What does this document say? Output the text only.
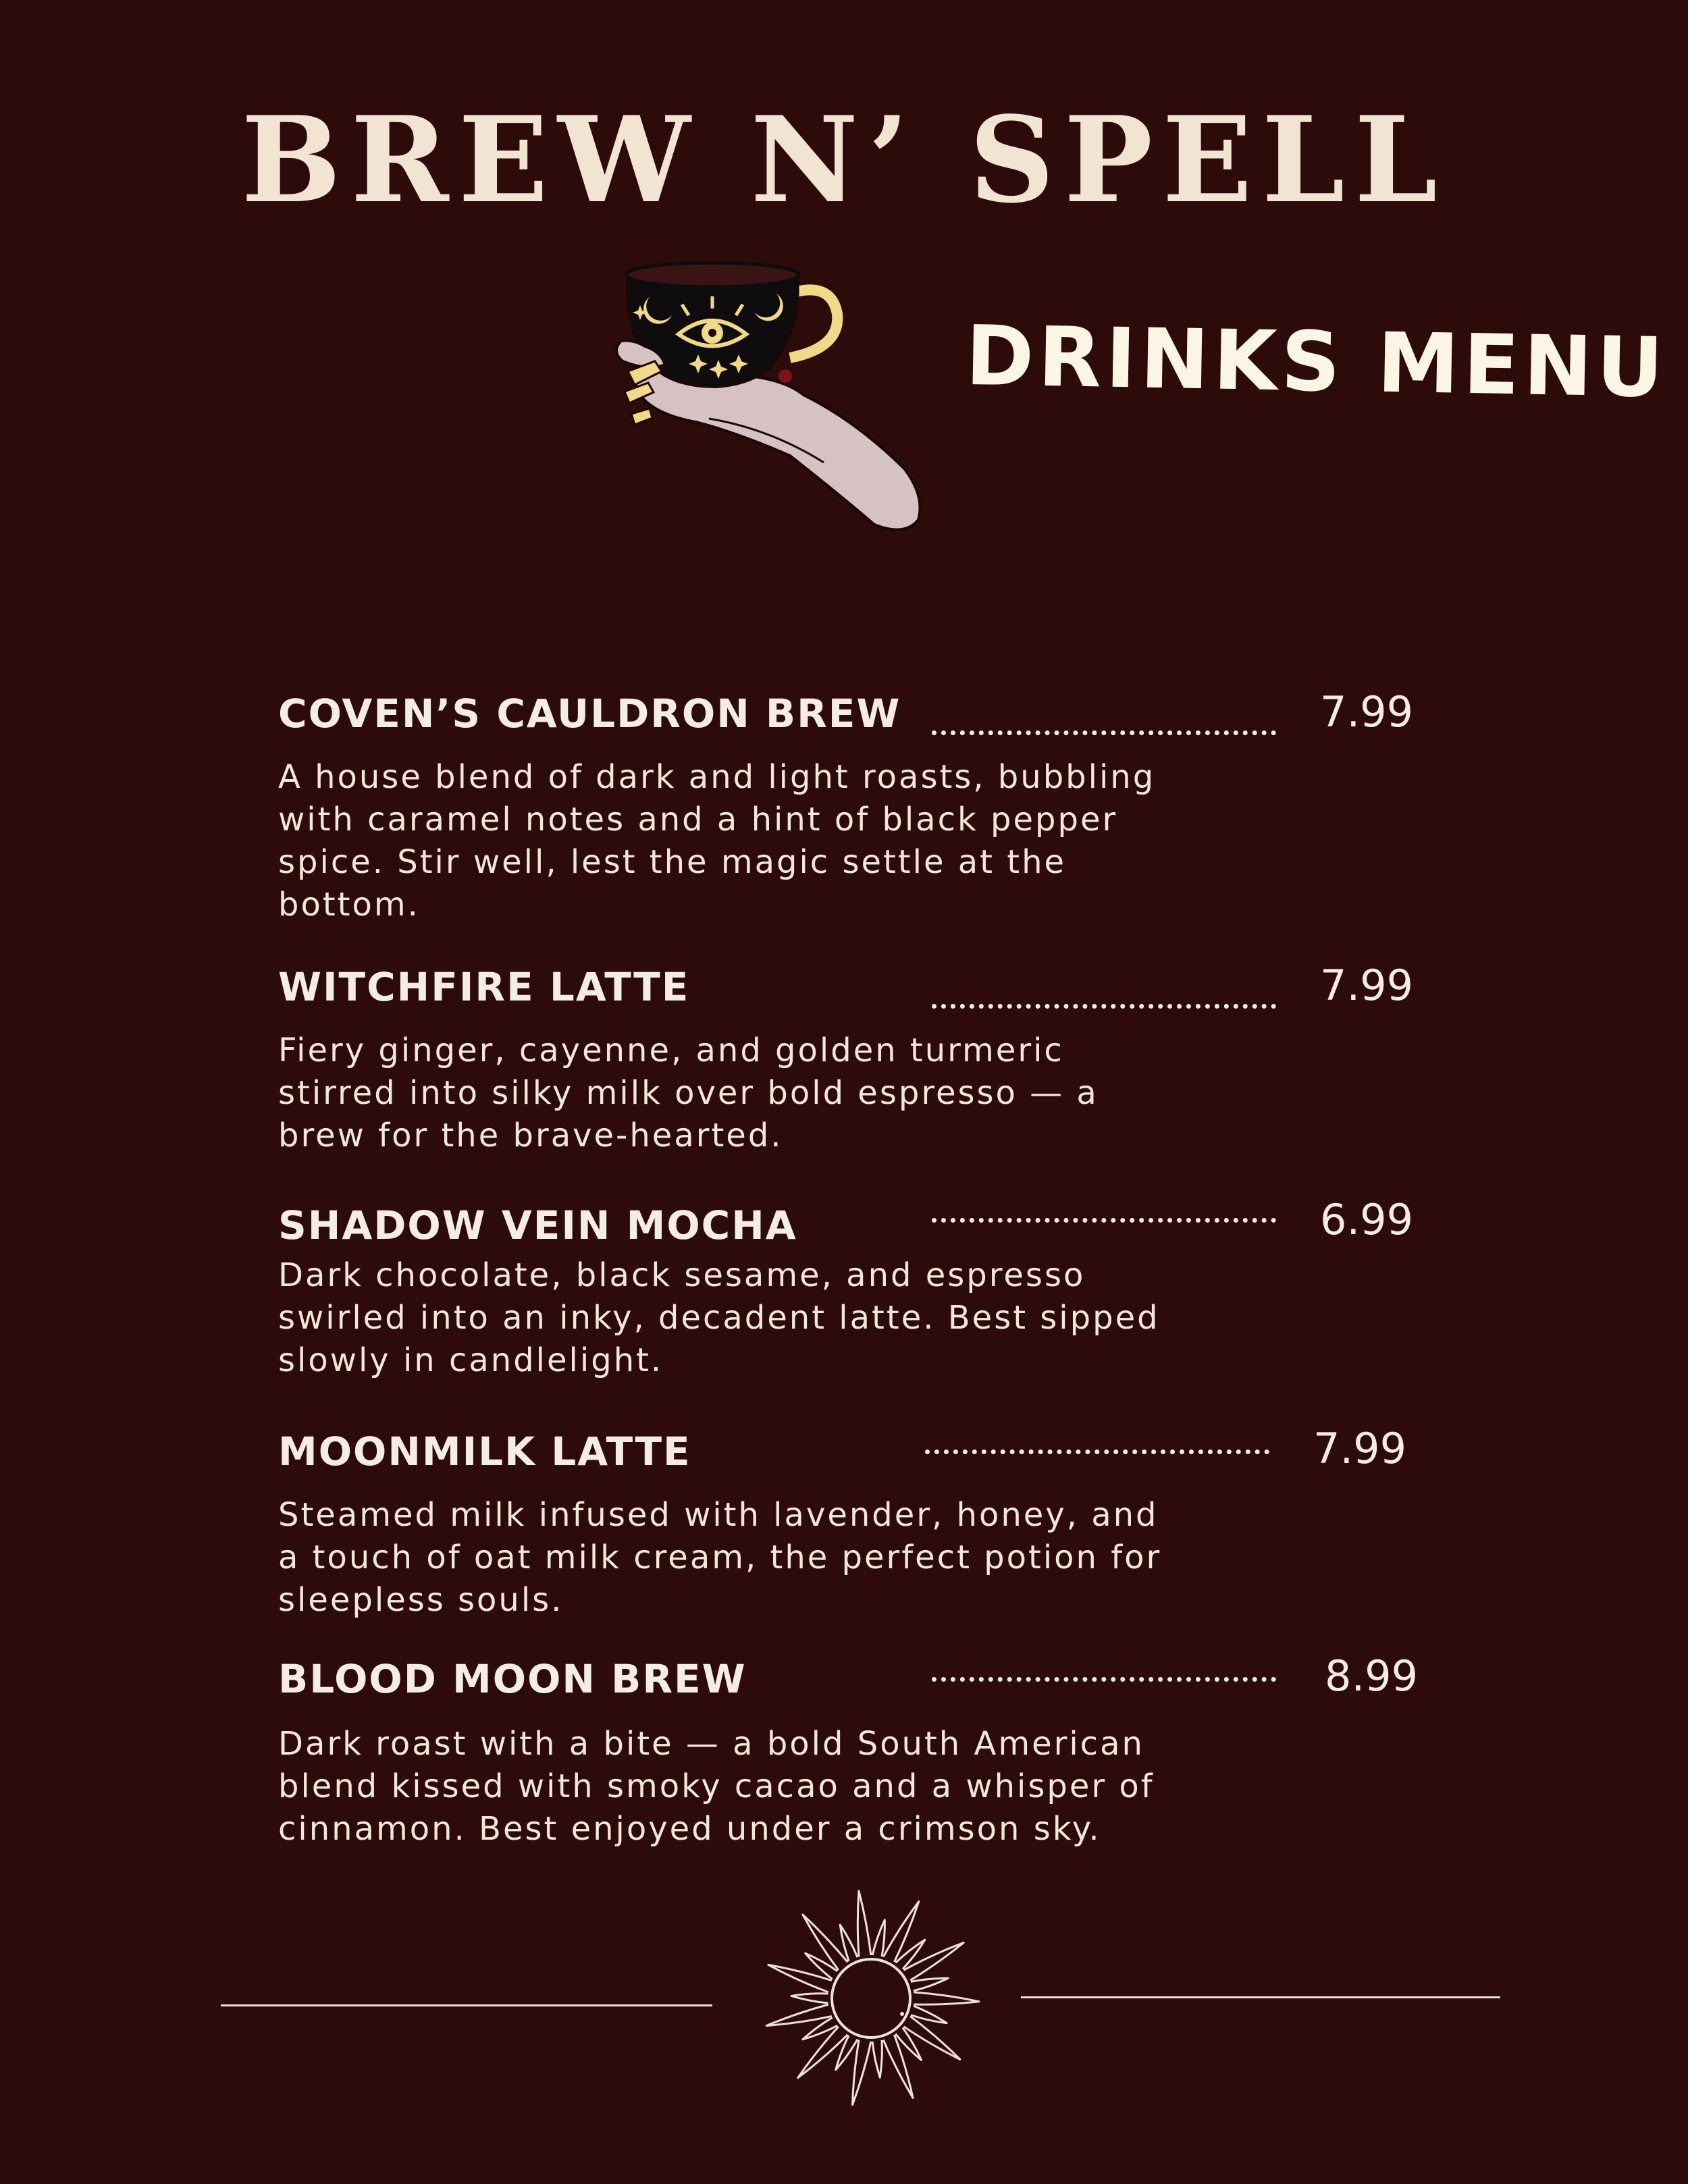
BREW N’ SPELL
DRINKS MENU
COVEN’S CAULDRON BREW	7.99

A house blend of dark and light roasts, bubbling with caramel notes and a hint of black pepper spice. Stir well, lest the magic settle at the bottom.

WITCHFIRE LATTE	7.99

Fiery ginger, cayenne, and golden turmeric stirred into silky milk over bold espresso — a brew for the brave-hearted.

SHADOW VEIN MOCHA	6.99

Dark chocolate, black sesame, and espresso swirled into an inky, decadent latte. Best sipped slowly in candlelight.

MOONMILK LATTE	7.99

Steamed milk infused with lavender, honey, and a touch of oat milk cream, the perfect potion for sleepless souls.

BLOOD MOON BREW	8.99

Dark roast with a bite — a bold South American blend kissed with smoky cacao and a whisper of cinnamon. Best enjoyed under a crimson sky.
